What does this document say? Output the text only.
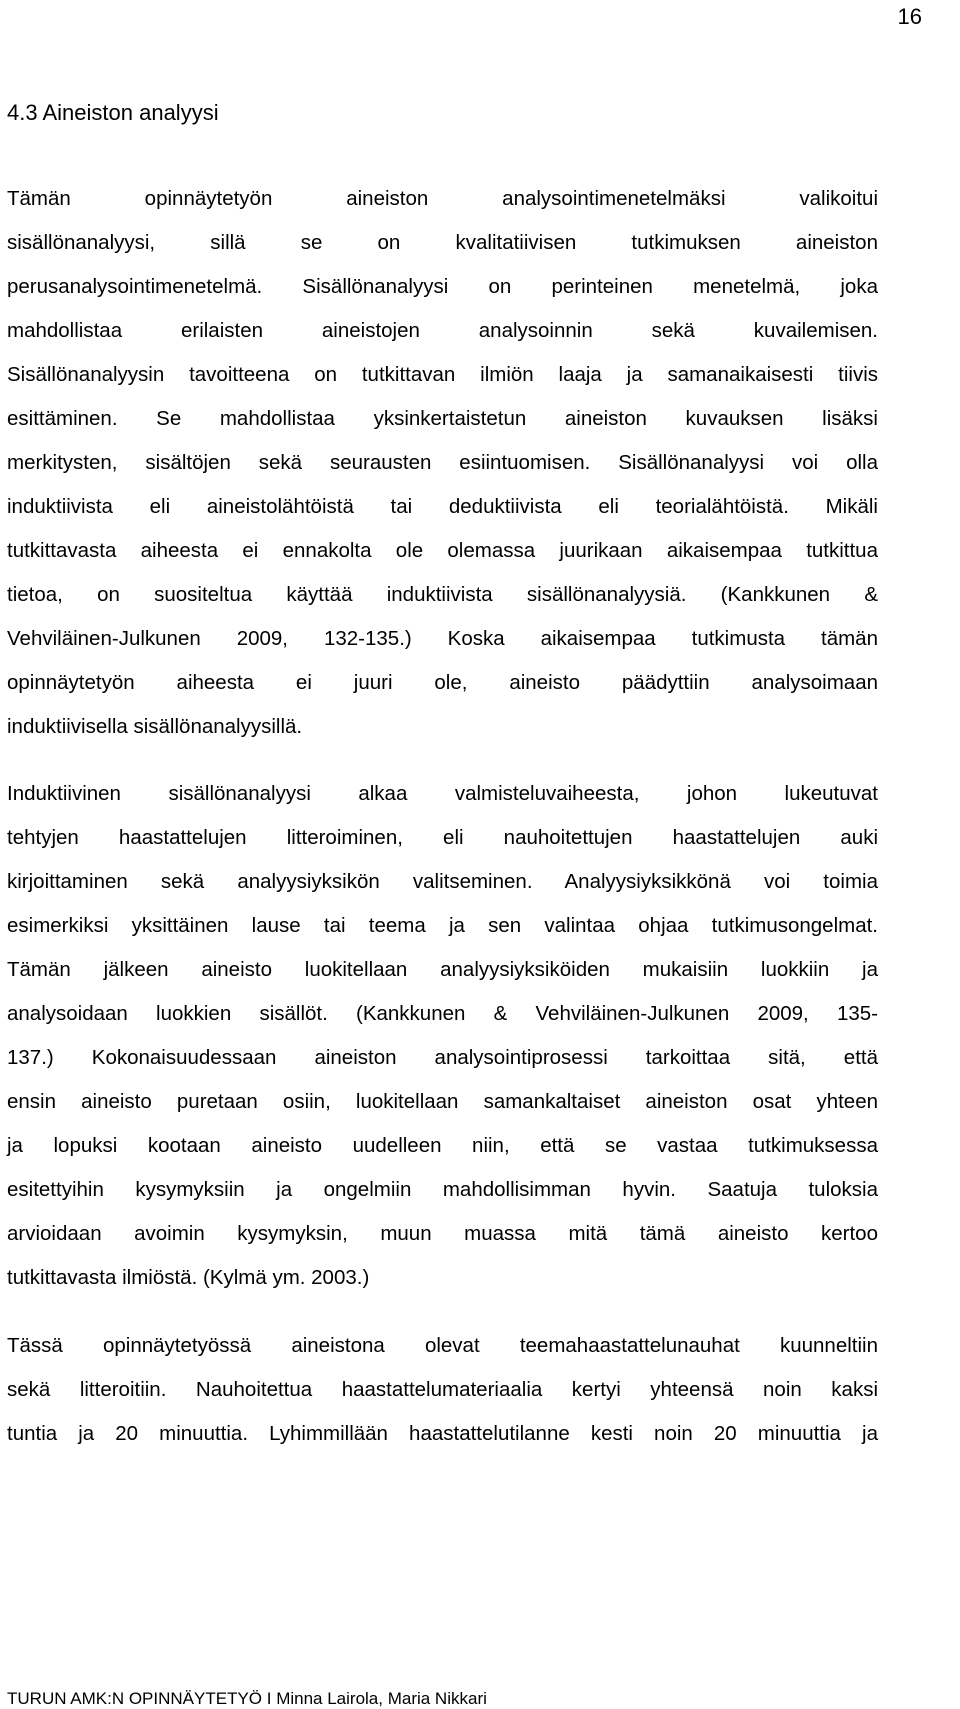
16
4.3 Aineiston analyysi
Tämän opinnäytetyön aineiston analysointimenetelmäksi valikoitui
sisällönanalyysi, sillä se on kvalitatiivisen tutkimuksen aineiston
perusanalysointimenetelmä. Sisällönanalyysi on perinteinen menetelmä, joka
mahdollistaa erilaisten aineistojen analysoinnin sekä kuvailemisen.
Sisällönanalyysin tavoitteena on tutkittavan ilmiön laaja ja samanaikaisesti tiivis
esittäminen. Se mahdollistaa yksinkertaistetun aineiston kuvauksen lisäksi
merkitysten, sisältöjen sekä seurausten esiintuomisen. Sisällönanalyysi voi olla
induktiivista eli aineistolähtöistä tai deduktiivista eli teorialähtöistä. Mikäli
tutkittavasta aiheesta ei ennakolta ole olemassa juurikaan aikaisempaa tutkittua
tietoa, on suositeltua käyttää induktiivista sisällönanalyysiä. (Kankkunen &
Vehviläinen-Julkunen 2009, 132-135.) Koska aikaisempaa tutkimusta tämän
opinnäytetyön aiheesta ei juuri ole, aineisto päädyttiin analysoimaan
induktiivisella sisällönanalyysillä.
Induktiivinen sisällönanalyysi alkaa valmisteluvaiheesta, johon lukeutuvat
tehtyjen haastattelujen litteroiminen, eli nauhoitettujen haastattelujen auki
kirjoittaminen sekä analyysiyksikön valitseminen. Analyysiyksikkönä voi toimia
esimerkiksi yksittäinen lause tai teema ja sen valintaa ohjaa tutkimusongelmat.
Tämän jälkeen aineisto luokitellaan analyysiyksiköiden mukaisiin luokkiin ja
analysoidaan luokkien sisällöt. (Kankkunen & Vehviläinen-Julkunen 2009, 135-
137.) Kokonaisuudessaan aineiston analysointiprosessi tarkoittaa sitä, että
ensin aineisto puretaan osiin, luokitellaan samankaltaiset aineiston osat yhteen
ja lopuksi kootaan aineisto uudelleen niin, että se vastaa tutkimuksessa
esitettyihin kysymyksiin ja ongelmiin mahdollisimman hyvin. Saatuja tuloksia
arvioidaan avoimin kysymyksin, muun muassa mitä tämä aineisto kertoo
tutkittavasta ilmiöstä. (Kylmä ym. 2003.)
Tässä opinnäytetyössä aineistona olevat teemahaastattelunauhat kuunneltiin
sekä litteroitiin. Nauhoitettua haastattelumateriaalia kertyi yhteensä noin kaksi
tuntia ja 20 minuuttia. Lyhimmillään haastattelutilanne kesti noin 20 minuuttia ja
TURUN AMK:N OPINNÄYTETYÖ I Minna Lairola, Maria Nikkari
